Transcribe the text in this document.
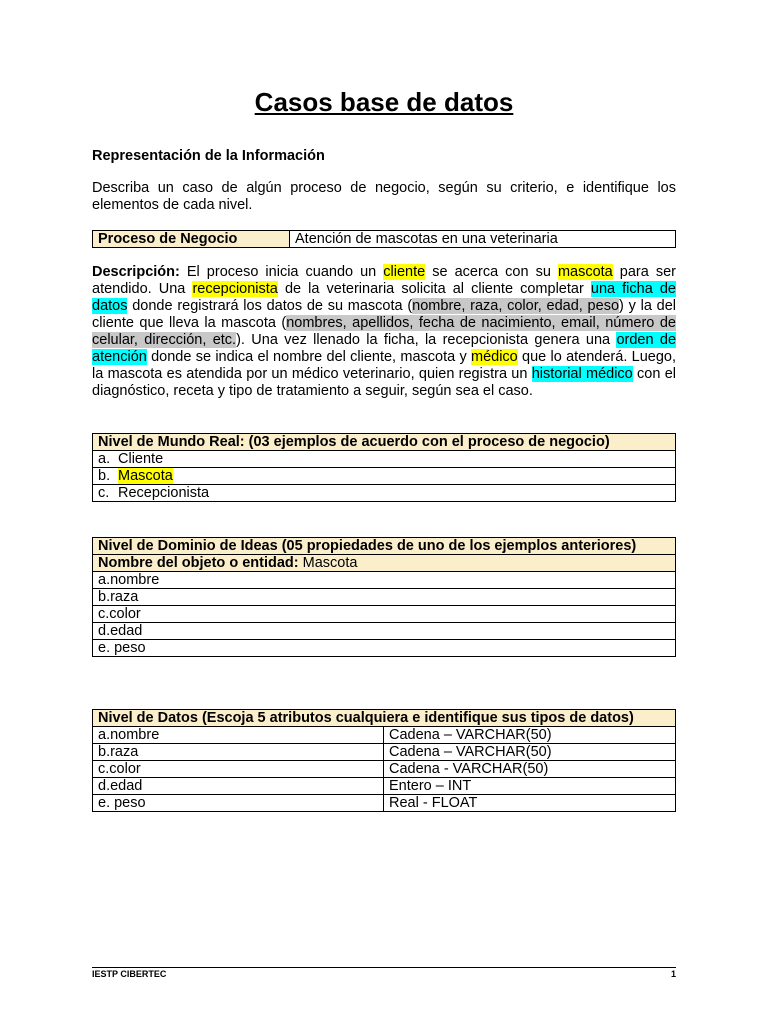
Casos base de datos
Representación de la Información
Describa un caso de algún proceso de negocio, según su criterio, e identifique los elementos de cada nivel.
Proceso de Negocio	Atención de mascotas en una veterinaria
Descripción: El proceso inicia cuando un cliente se acerca con su mascota para ser atendido. Una recepcionista de la veterinaria solicita al cliente completar una ficha de datos donde registrará los datos de su mascota (nombre, raza, color, edad, peso) y la del cliente que lleva la mascota (nombres, apellidos, fecha de nacimiento, email, número de celular, dirección, etc.). Una vez llenado la ficha, la recepcionista genera una orden de atención donde se indica el nombre del cliente, mascota y médico que lo atenderá. Luego, la mascota es atendida por un médico veterinario, quien registra un historial médico con el diagnóstico, receta y tipo de tratamiento a seguir, según sea el caso.
Nivel de Mundo Real: (03 ejemplos de acuerdo con el proceso de negocio)
a. Cliente
b. Mascota
c. Recepcionista
Nivel de Dominio de Ideas (05 propiedades de uno de los ejemplos anteriores)
Nombre del objeto o entidad: Mascota
a.nombre
b.raza
c.color
d.edad
e. peso
Nivel de Datos (Escoja 5 atributos cualquiera e identifique sus tipos de datos)	
a.nombre	Cadena – VARCHAR(50)
b.raza	Cadena – VARCHAR(50)
c.color	Cadena - VARCHAR(50)
d.edad	Entero – INT
e. peso	Real - FLOAT
IESTP CIBERTEC	1
